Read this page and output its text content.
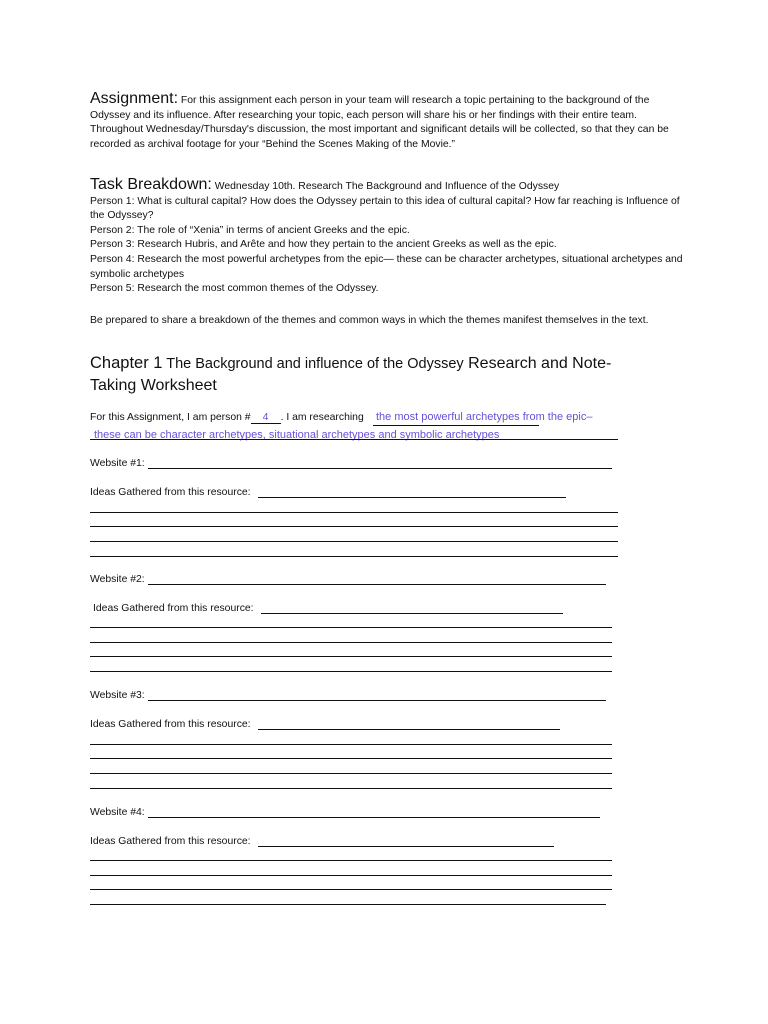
Assignment: For this assignment each person in your team will research a topic pertaining to the background of the Odyssey and its influence. After researching your topic, each person will share his or her findings with their entire team. Throughout Wednesday/Thursday's discussion, the most important and significant details will be collected, so that they can be recorded as archival footage for your “Behind the Scenes Making of the Movie.”
Task Breakdown: Wednesday 10th. Research The Background and Influence of the Odyssey
Person 1: What is cultural capital? How does the Odyssey pertain to this idea of cultural capital? How far reaching is Influence of the Odyssey?
Person 2: The role of “Xenia” in terms of ancient Greeks and the epic.
Person 3: Research Hubris, and Arête and how they pertain to the ancient Greeks as well as the epic.
Person 4: Research the most powerful archetypes from the epic— these can be character archetypes, situational archetypes and symbolic archetypes
Person 5: Research the most common themes of the Odyssey.
Be prepared to share a breakdown of the themes and common ways in which the themes manifest themselves in the text.
Chapter 1 The Background and influence of the Odyssey Research and Note-Taking Worksheet
For this Assignment, I am person # 4 . I am researching the most powerful archetypes from the epic–
these can be character archetypes, situational archetypes and symbolic archetypes
Website #1:
Ideas Gathered from this resource:
Website #2:
Ideas Gathered from this resource:
Website #3:
Ideas Gathered from this resource:
Website #4:
Ideas Gathered from this resource:
